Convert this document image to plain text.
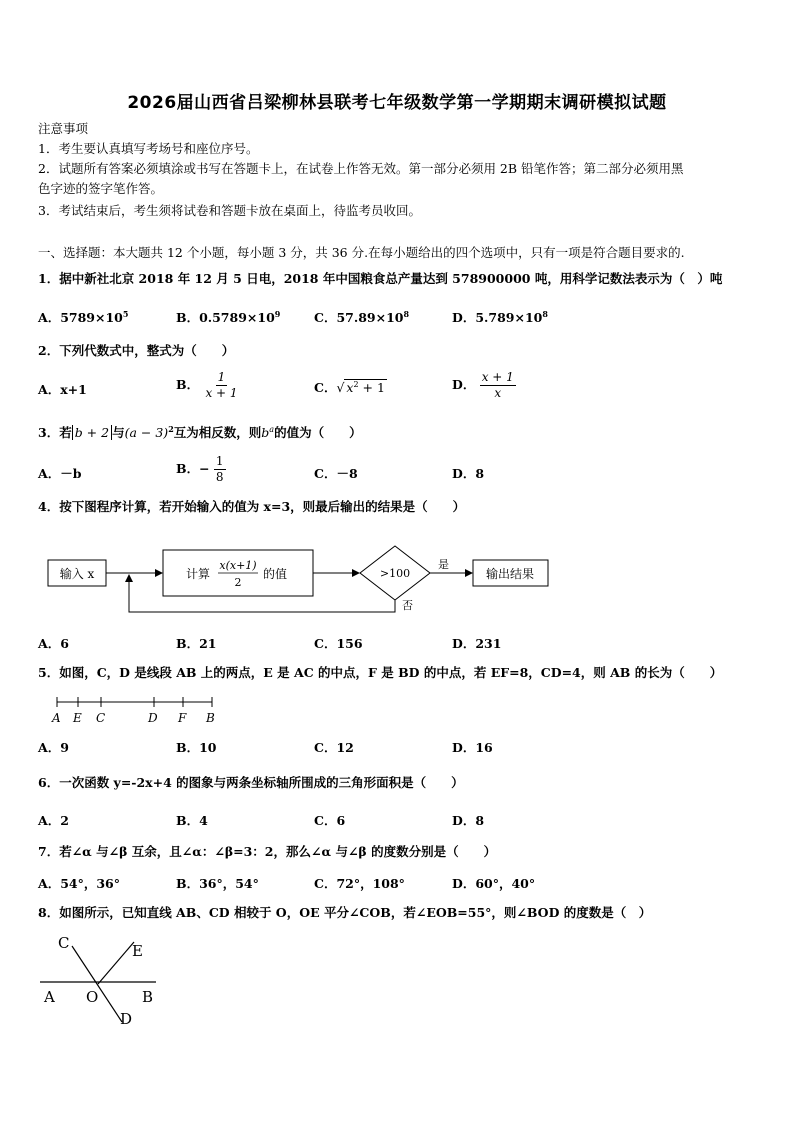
2026届山西省吕梁柳林县联考七年级数学第一学期期末调研模拟试题
注意事项
1．考生要认真填写考场号和座位序号。
2．试题所有答案必须填涂或书写在答题卡上，在试卷上作答无效。第一部分必须用 2B 铅笔作答；第二部分必须用黑
色字迹的签字笔作答。
3．考试结束后，考生须将试卷和答题卡放在桌面上，待监考员收回。
一、选择题：本大题共 12 个小题，每小题 3 分，共 36 分.在每小题给出的四个选项中，只有一项是符合题目要求的.
1．据中新社北京 2018 年 12 月 5 日电，2018 年中国粮食总产量达到 578900000 吨，用科学记数法表示为（　）吨
A．$5789\times 10^5$	B．$0.5789\times 10^9$	C．$57.89\times 10^8$	D．$5.789\times 10^8$
2．下列代数式中，整式为（　　）
A．x+1	B． $\frac{1}{x + 1}$	C．√ $x^2 + 1$	D． $\frac{x + 1}{x}$
3．若 b + 2 与$(a - 3)^2$互为相反数，则$b^a$的值为（　　）
A．－b	B．− $\frac{1}{8}$	C．－8	D．8
4．按下图程序计算，若开始输入的值为 x=3，则最后输出的结果是（　　）
输入 x	计算
x(x+1)
2
的值	>100
是
输出结果
否
A．6	B．21	C．156	D．231
5．如图，C，D 是线段 AB 上的两点，E 是 AC 的中点，F 是 BD 的中点，若 EF=8，CD=4，则 AB 的长为（　　）
A E C	D F B
A．9	B．10	C．12	D．16
6．一次函数 y=-2x+4 的图象与两条坐标轴所围成的三角形面积是（　　）
A．2	B．4	C．6	D．8
7．若∠α 与∠β 互余，且∠α：∠β=3：2，那么∠α 与∠β 的度数分别是（　　）
A．54°，36°	B．36°，54°	C．72°，108°	D．60°，40°
8．如图所示，已知直线 AB、CD 相较于 O，OE 平分∠COB，若∠EOB=55°，则∠BOD 的度数是（　）
C	E
A O	B
D
